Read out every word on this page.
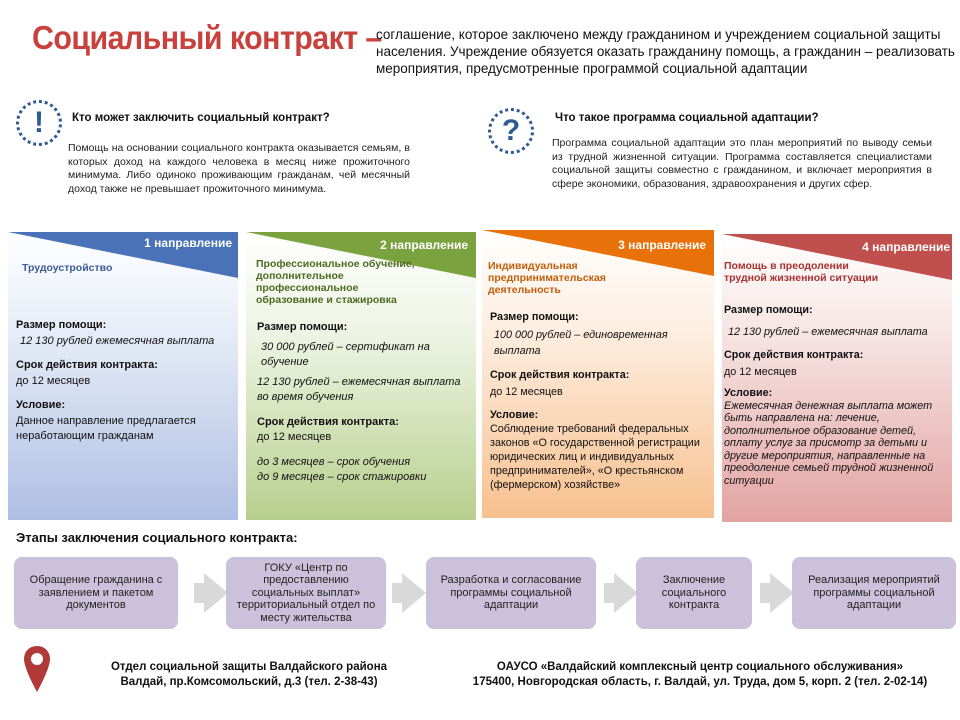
Социальный контракт –
соглашение, которое заключено между гражданином и учреждением социальной защиты населения. Учреждение обязуется оказать гражданину помощь, а гражданин – реализовать мероприятия, предусмотренные программой социальной адаптации
!	Кто может заключить социальный контракт?
Помощь на основании социального контракта оказывается семьям, в которых доход на каждого человека в месяц ниже прожиточного минимума. Либо одиноко проживающим гражданам, чей месячный доход также не превышает прожиточного минимума.
?	Что такое программа социальной адаптации?
Программа социальной адаптации это план мероприятий по выводу семьи из трудной жизненной ситуации. Программа составляется специалистами социальной защиты совместно с гражданином, и включает мероприятия в сфере экономики, образования, здравоохранения и других сфер.
1 направление
Трудоустройство
Размер помощи:
12 130 рублей ежемесячная выплата
Срок действия контракта:
до 12 месяцев
Условие:
Данное направление предлагается неработающим гражданам
2 направление
Профессиональное обучение, дополнительное профессиональное образование и стажировка
Размер помощи:
30 000 рублей – сертификат на обучение
12 130 рублей – ежемесячная выплата во время обучения
Срок действия контракта:
до 12 месяцев
до 3 месяцев – срок обучения
до 9 месяцев – срок стажировки
3 направление
Индивидуальная предпринимательская деятельность
Размер помощи:
100 000 рублей – единовременная выплата
Срок действия контракта:
до 12 месяцев
Условие:
Соблюдение требований федеральных законов «О государственной регистрации юридических лиц и индивидуальных предпринимателей», «О крестьянском (фермерском) хозяйстве»
4 направление
Помощь в преодолении трудной жизненной ситуации
Размер помощи:
12 130 рублей – ежемесячная выплата
Срок действия контракта:
до 12 месяцев
Условие:
Ежемесячная денежная выплата может быть направлена на: лечение, дополнительное образование детей, оплату услуг за присмотр за детьми и другие мероприятия, направленные на преодоление семьей трудной жизненной ситуации
Этапы заключения социального контракта:
Обращение гражданина с заявлением и пакетом документов
ГОКУ «Центр по предоставлению социальных выплат» территориальный отдел по месту жительства
Разработка и согласование программы социальной адаптации
Заключение социального контракта
Реализация мероприятий программы социальной адаптации
Отдел социальной защиты Валдайского района
Валдай, пр.Комсомольский, д.3 (тел. 2-38-43)
ОАУСО «Валдайский комплексный центр социального обслуживания»
175400, Новгородская область, г. Валдай, ул. Труда, дом 5, корп. 2 (тел. 2-02-14)
